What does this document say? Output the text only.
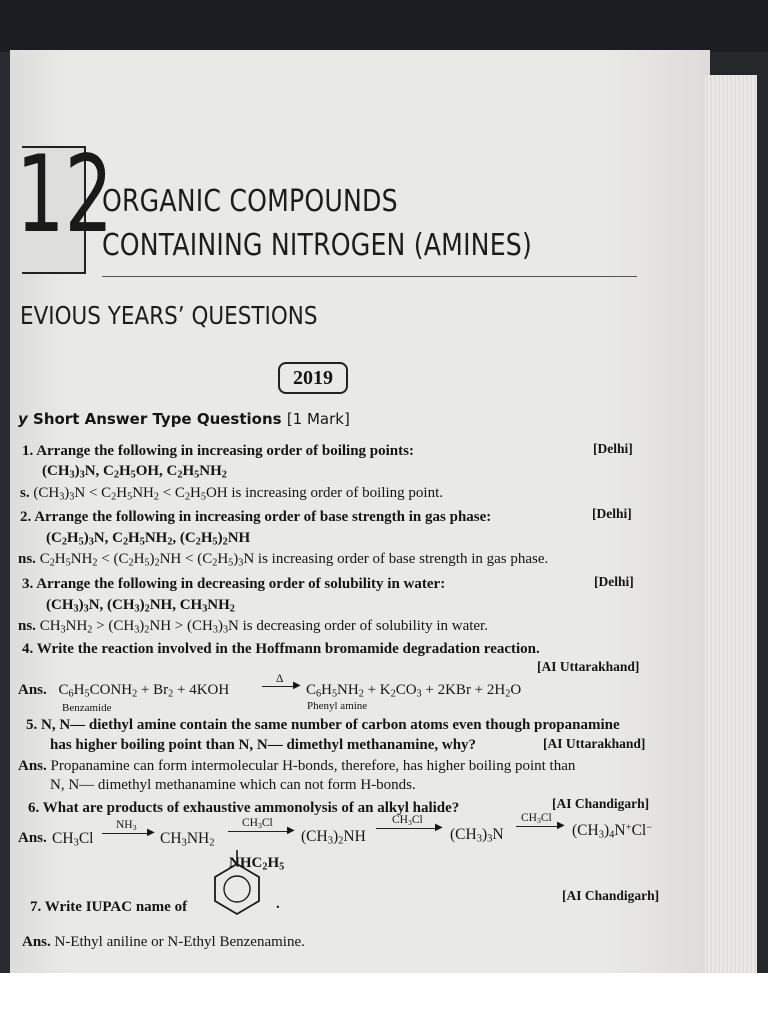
12
ORGANIC COMPOUNDS
CONTAINING NITROGEN (AMINES)
EVIOUS YEARS’ QUESTIONS
2019
y Short Answer Type Questions [1 Mark]
1. Arrange the following in increasing order of boiling points:	[Delhi]
$(CH_3)_3N$, $C_2H_5OH$, $C_2H_5NH_2$
s. $(CH_3)_3N < C_2H_5NH_2 < C_2H_5OH$ is increasing order of boiling point.
2. Arrange the following in increasing order of base strength in gas phase:	[Delhi]
$(C_2H_5)_3N$, $C_2H_5NH_2$, $(C_2H_5)_2NH$
ns. $C_2H_5NH_2 < (C_2H_5)_2NH < (C_2H_5)_3N$ is increasing order of base strength in gas phase.
3. Arrange the following in decreasing order of solubility in water:	[Delhi]
$(CH_3)_3N$, $(CH_3)_2NH$, $CH_3NH_2$
ns. $CH_3NH_2 > (CH_3)_2NH > (CH_3)_3N$ is decreasing order of solubility in water.
4. Write the reaction involved in the Hoffmann bromamide degradation reaction.
[AI Uttarakhand]
Ans. $C_6H_5CONH_2 + Br_2 + 4KOH$
Δ
▶ $C_6H_5NH_2 + K_2CO_3 + 2KBr + 2H_2O$
Benzamide	Phenyl amine
5. N, N— diethyl amine contain the same number of carbon atoms even though propanamine
has higher boiling point than N, N— dimethyl methanamine, why?	[AI Uttarakhand]
Ans. Propanamine can form intermolecular H-bonds, therefore, has higher boiling point than
N, N— dimethyl methanamine which can not form H-bonds.
6. What are products of exhaustive ammonolysis of an alkyl halide?	[AI Chandigarh]
Ans. $CH_3Cl$
$NH_3$ ▶ $CH_3NH_2$
$CH_3Cl$
▶ $(CH_3)_2NH$
$CH_3Cl$
▶ $(CH_3)_3N$
$CH_3Cl$
▶ $(CH_3)_4N^+Cl^-$
$NHC_2H_5$
7. Write IUPAC name of	.
[AI Chandigarh]
Ans. N-Ethyl aniline or N-Ethyl Benzenamine.
